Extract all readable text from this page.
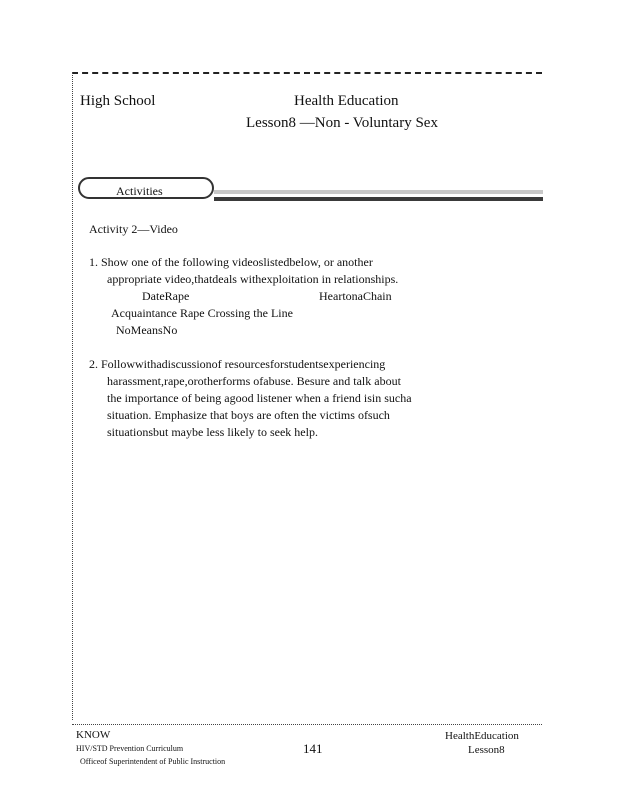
High School	Health Education
Lesson8 —Non - Voluntary Sex
Activities
Activity 2—Video
1. Show one of the following videoslistedbelow, or another
appropriate video,thatdeals withexploitation in relationships.
DateRape	HeartonaChain
Acquaintance Rape Crossing the Line
NoMeansNo
2. Followwithadiscussionof resourcesforstudentsexperiencing
harassment,rape,orotherforms ofabuse. Besure and talk about
the importance of being agood listener when a friend isin sucha
situation. Emphasize that boys are often the victims ofsuch
situationsbut maybe less likely to seek help.
KNOW
HIV/STD Prevention Curriculum
Officeof Superintendent of Public Instruction
141
HealthEducation
Lesson8
